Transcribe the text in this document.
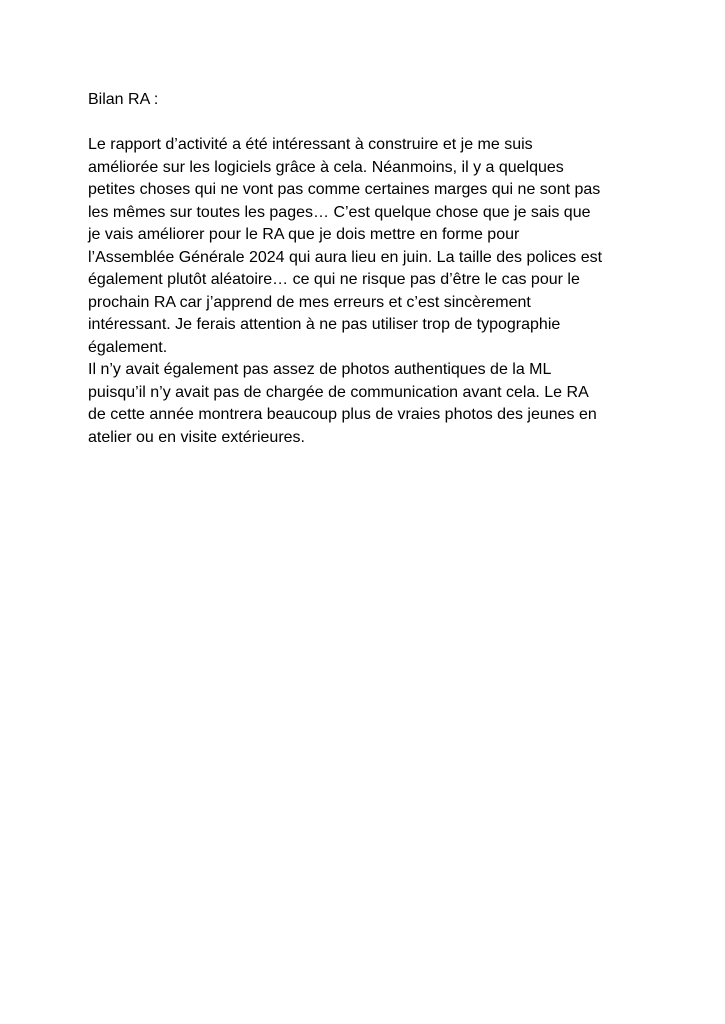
Bilan RA :
Le rapport d’activité a été intéressant à construire et je me suis
améliorée sur les logiciels grâce à cela. Néanmoins, il y a quelques
petites choses qui ne vont pas comme certaines marges qui ne sont pas
les mêmes sur toutes les pages… C’est quelque chose que je sais que
je vais améliorer pour le RA que je dois mettre en forme pour
l’Assemblée Générale 2024 qui aura lieu en juin. La taille des polices est
également plutôt aléatoire… ce qui ne risque pas d’être le cas pour le
prochain RA car j’apprend de mes erreurs et c’est sincèrement
intéressant. Je ferais attention à ne pas utiliser trop de typographie
également.
Il n’y avait également pas assez de photos authentiques de la ML
puisqu’il n’y avait pas de chargée de communication avant cela. Le RA
de cette année montrera beaucoup plus de vraies photos des jeunes en
atelier ou en visite extérieures.
